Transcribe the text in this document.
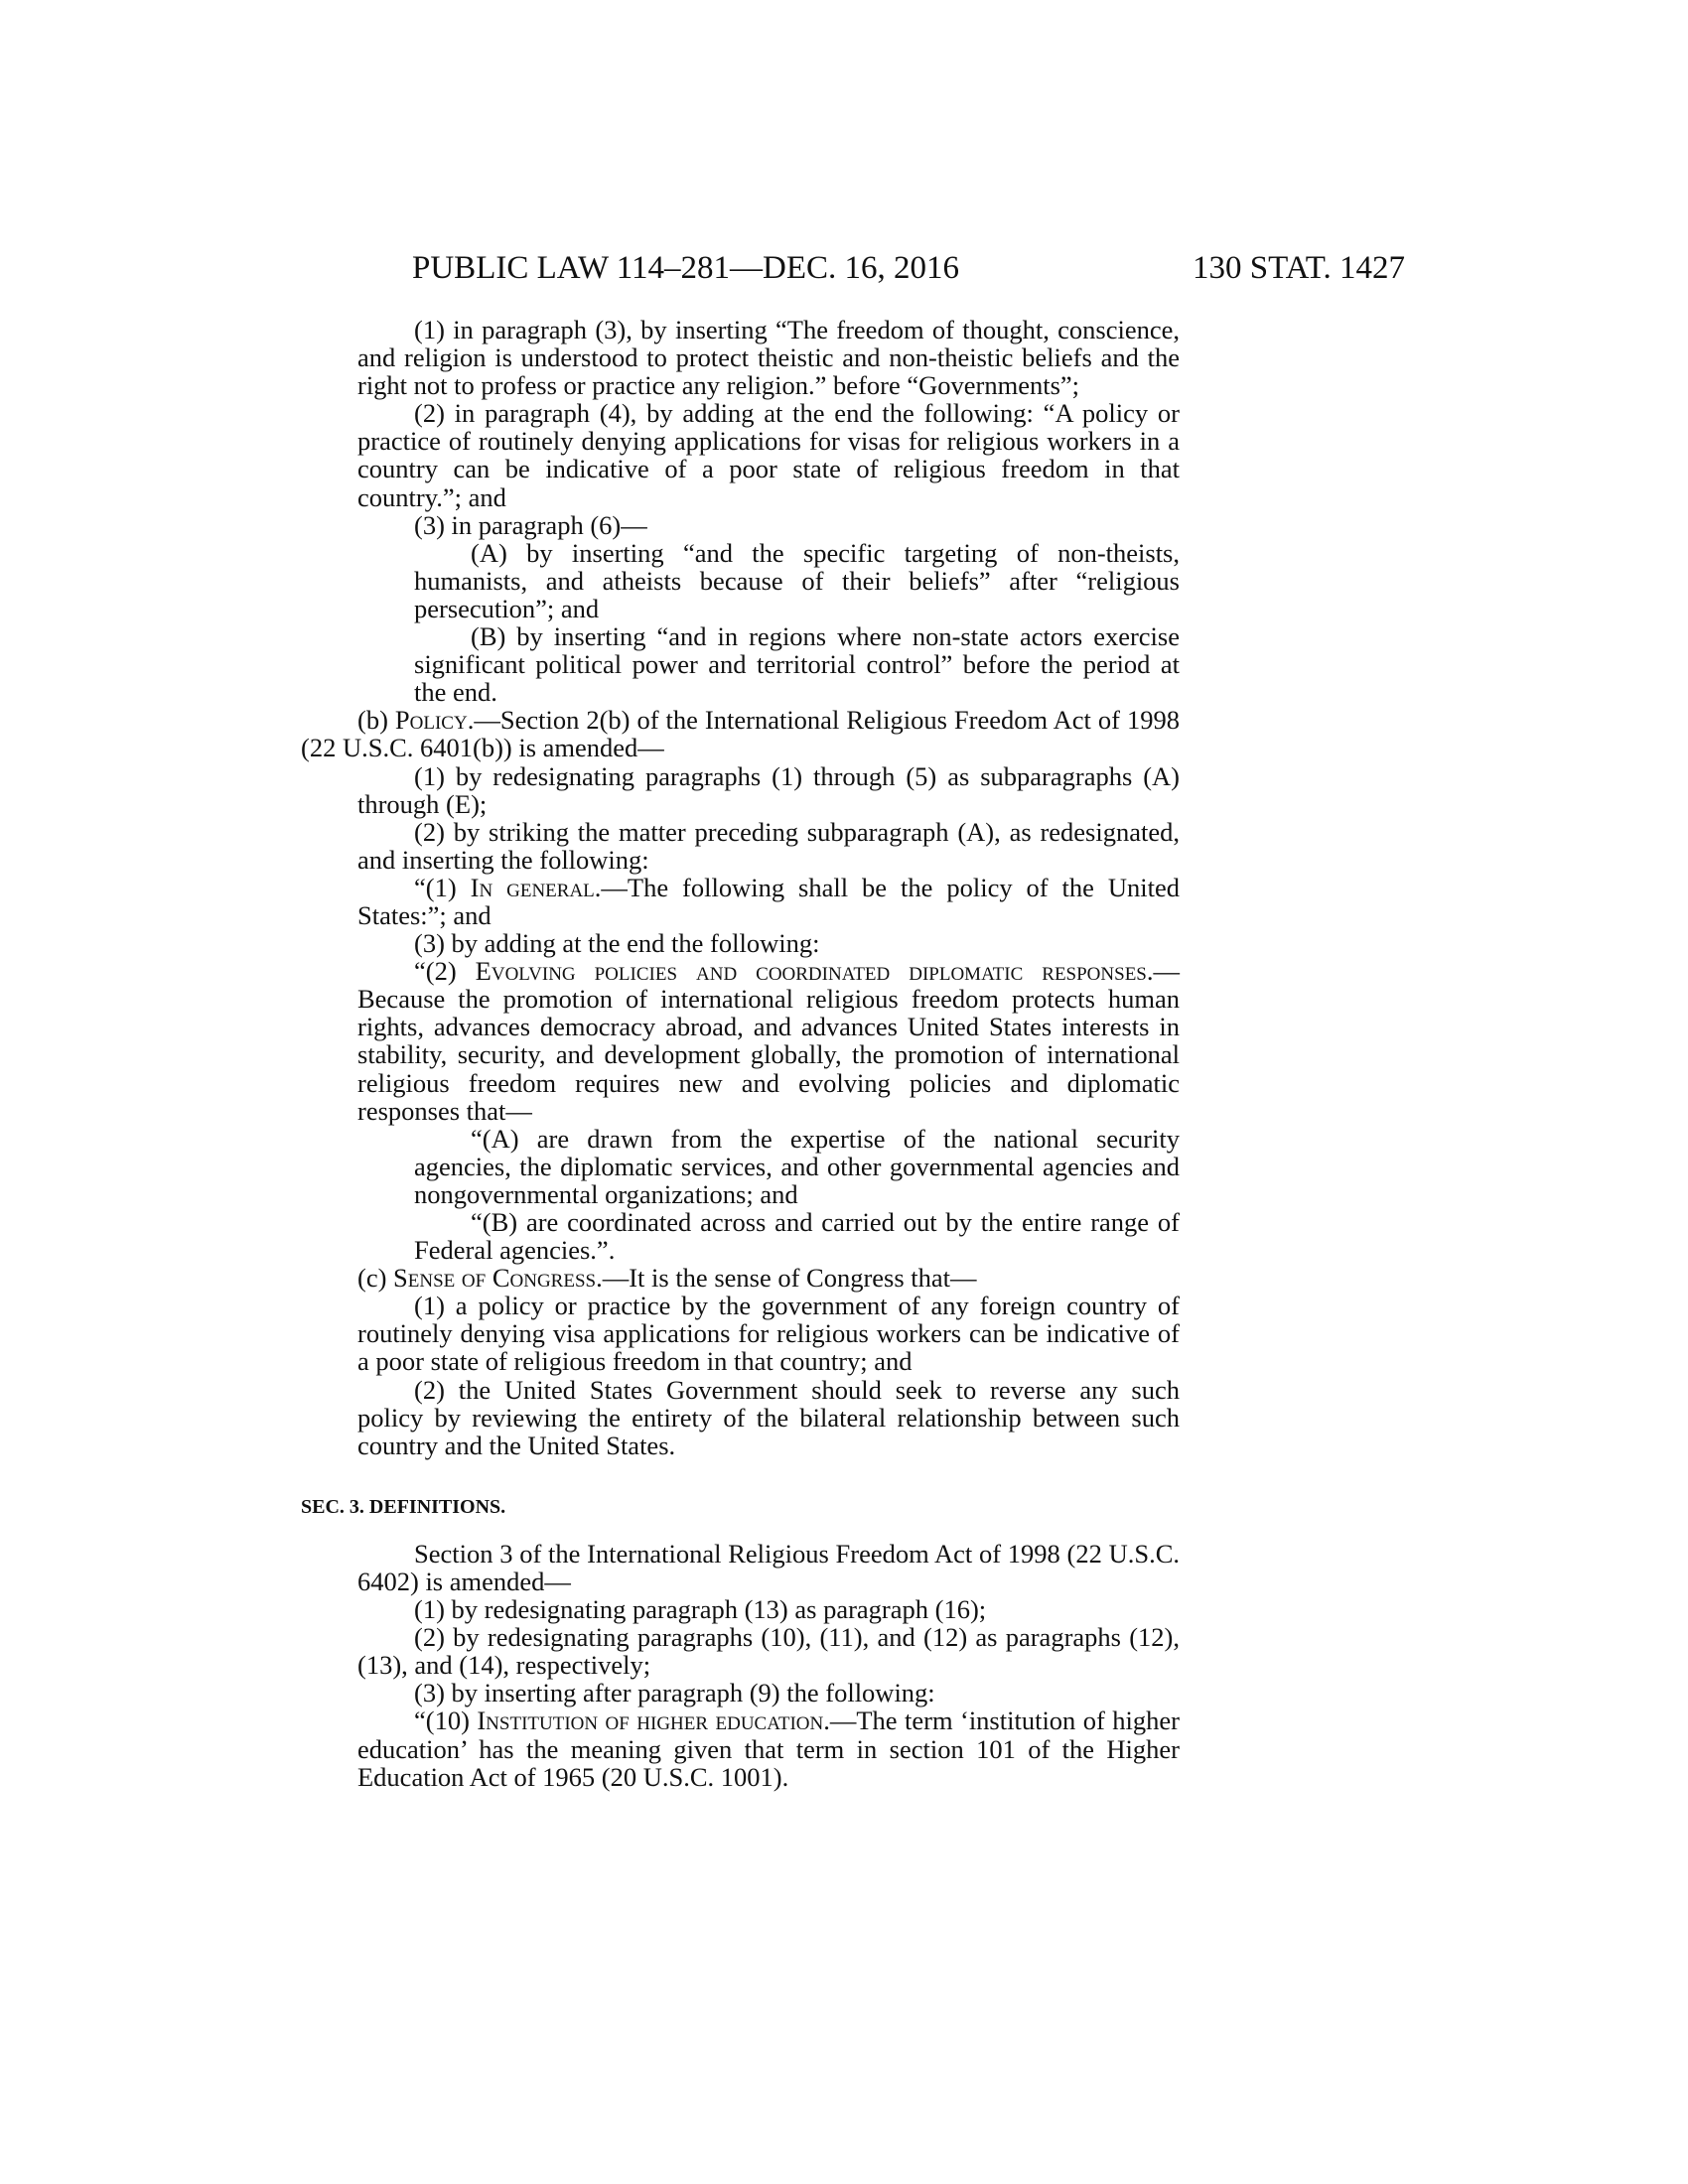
PUBLIC LAW 114–281—DEC. 16, 2016	130 STAT. 1427

(1) in paragraph (3), by inserting “The freedom of thought, conscience, and religion is understood to protect theistic and non-theistic beliefs and the right not to profess or practice any religion.” before “Governments”;

(2) in paragraph (4), by adding at the end the following: “A policy or practice of routinely denying applications for visas for religious workers in a country can be indicative of a poor state of religious freedom in that country.”; and

(3) in paragraph (6)—

(A) by inserting “and the specific targeting of non-theists, humanists, and atheists because of their beliefs” after “religious persecution”; and

(B) by inserting “and in regions where non-state actors exercise significant political power and territorial control” before the period at the end.

(b) Policy.—Section 2(b) of the International Religious Freedom Act of 1998 (22 U.S.C. 6401(b)) is amended—

(1) by redesignating paragraphs (1) through (5) as subparagraphs (A) through (E);

(2) by striking the matter preceding subparagraph (A), as redesignated, and inserting the following:

“(1) In general.—The following shall be the policy of the United States:”; and

(3) by adding at the end the following:

“(2) Evolving policies and coordinated diplomatic responses.—Because the promotion of international religious freedom protects human rights, advances democracy abroad, and advances United States interests in stability, security, and development globally, the promotion of international religious freedom requires new and evolving policies and diplomatic responses that—

“(A) are drawn from the expertise of the national security agencies, the diplomatic services, and other governmental agencies and nongovernmental organizations; and

“(B) are coordinated across and carried out by the entire range of Federal agencies.”.

(c) Sense of Congress.—It is the sense of Congress that—

(1) a policy or practice by the government of any foreign country of routinely denying visa applications for religious workers can be indicative of a poor state of religious freedom in that country; and

(2) the United States Government should seek to reverse any such policy by reviewing the entirety of the bilateral relationship between such country and the United States.

SEC. 3. DEFINITIONS.

Section 3 of the International Religious Freedom Act of 1998 (22 U.S.C. 6402) is amended—

(1) by redesignating paragraph (13) as paragraph (16);

(2) by redesignating paragraphs (10), (11), and (12) as paragraphs (12), (13), and (14), respectively;

(3) by inserting after paragraph (9) the following:

“(10) Institution of higher education.—The term ‘institution of higher education’ has the meaning given that term in section 101 of the Higher Education Act of 1965 (20 U.S.C. 1001).
